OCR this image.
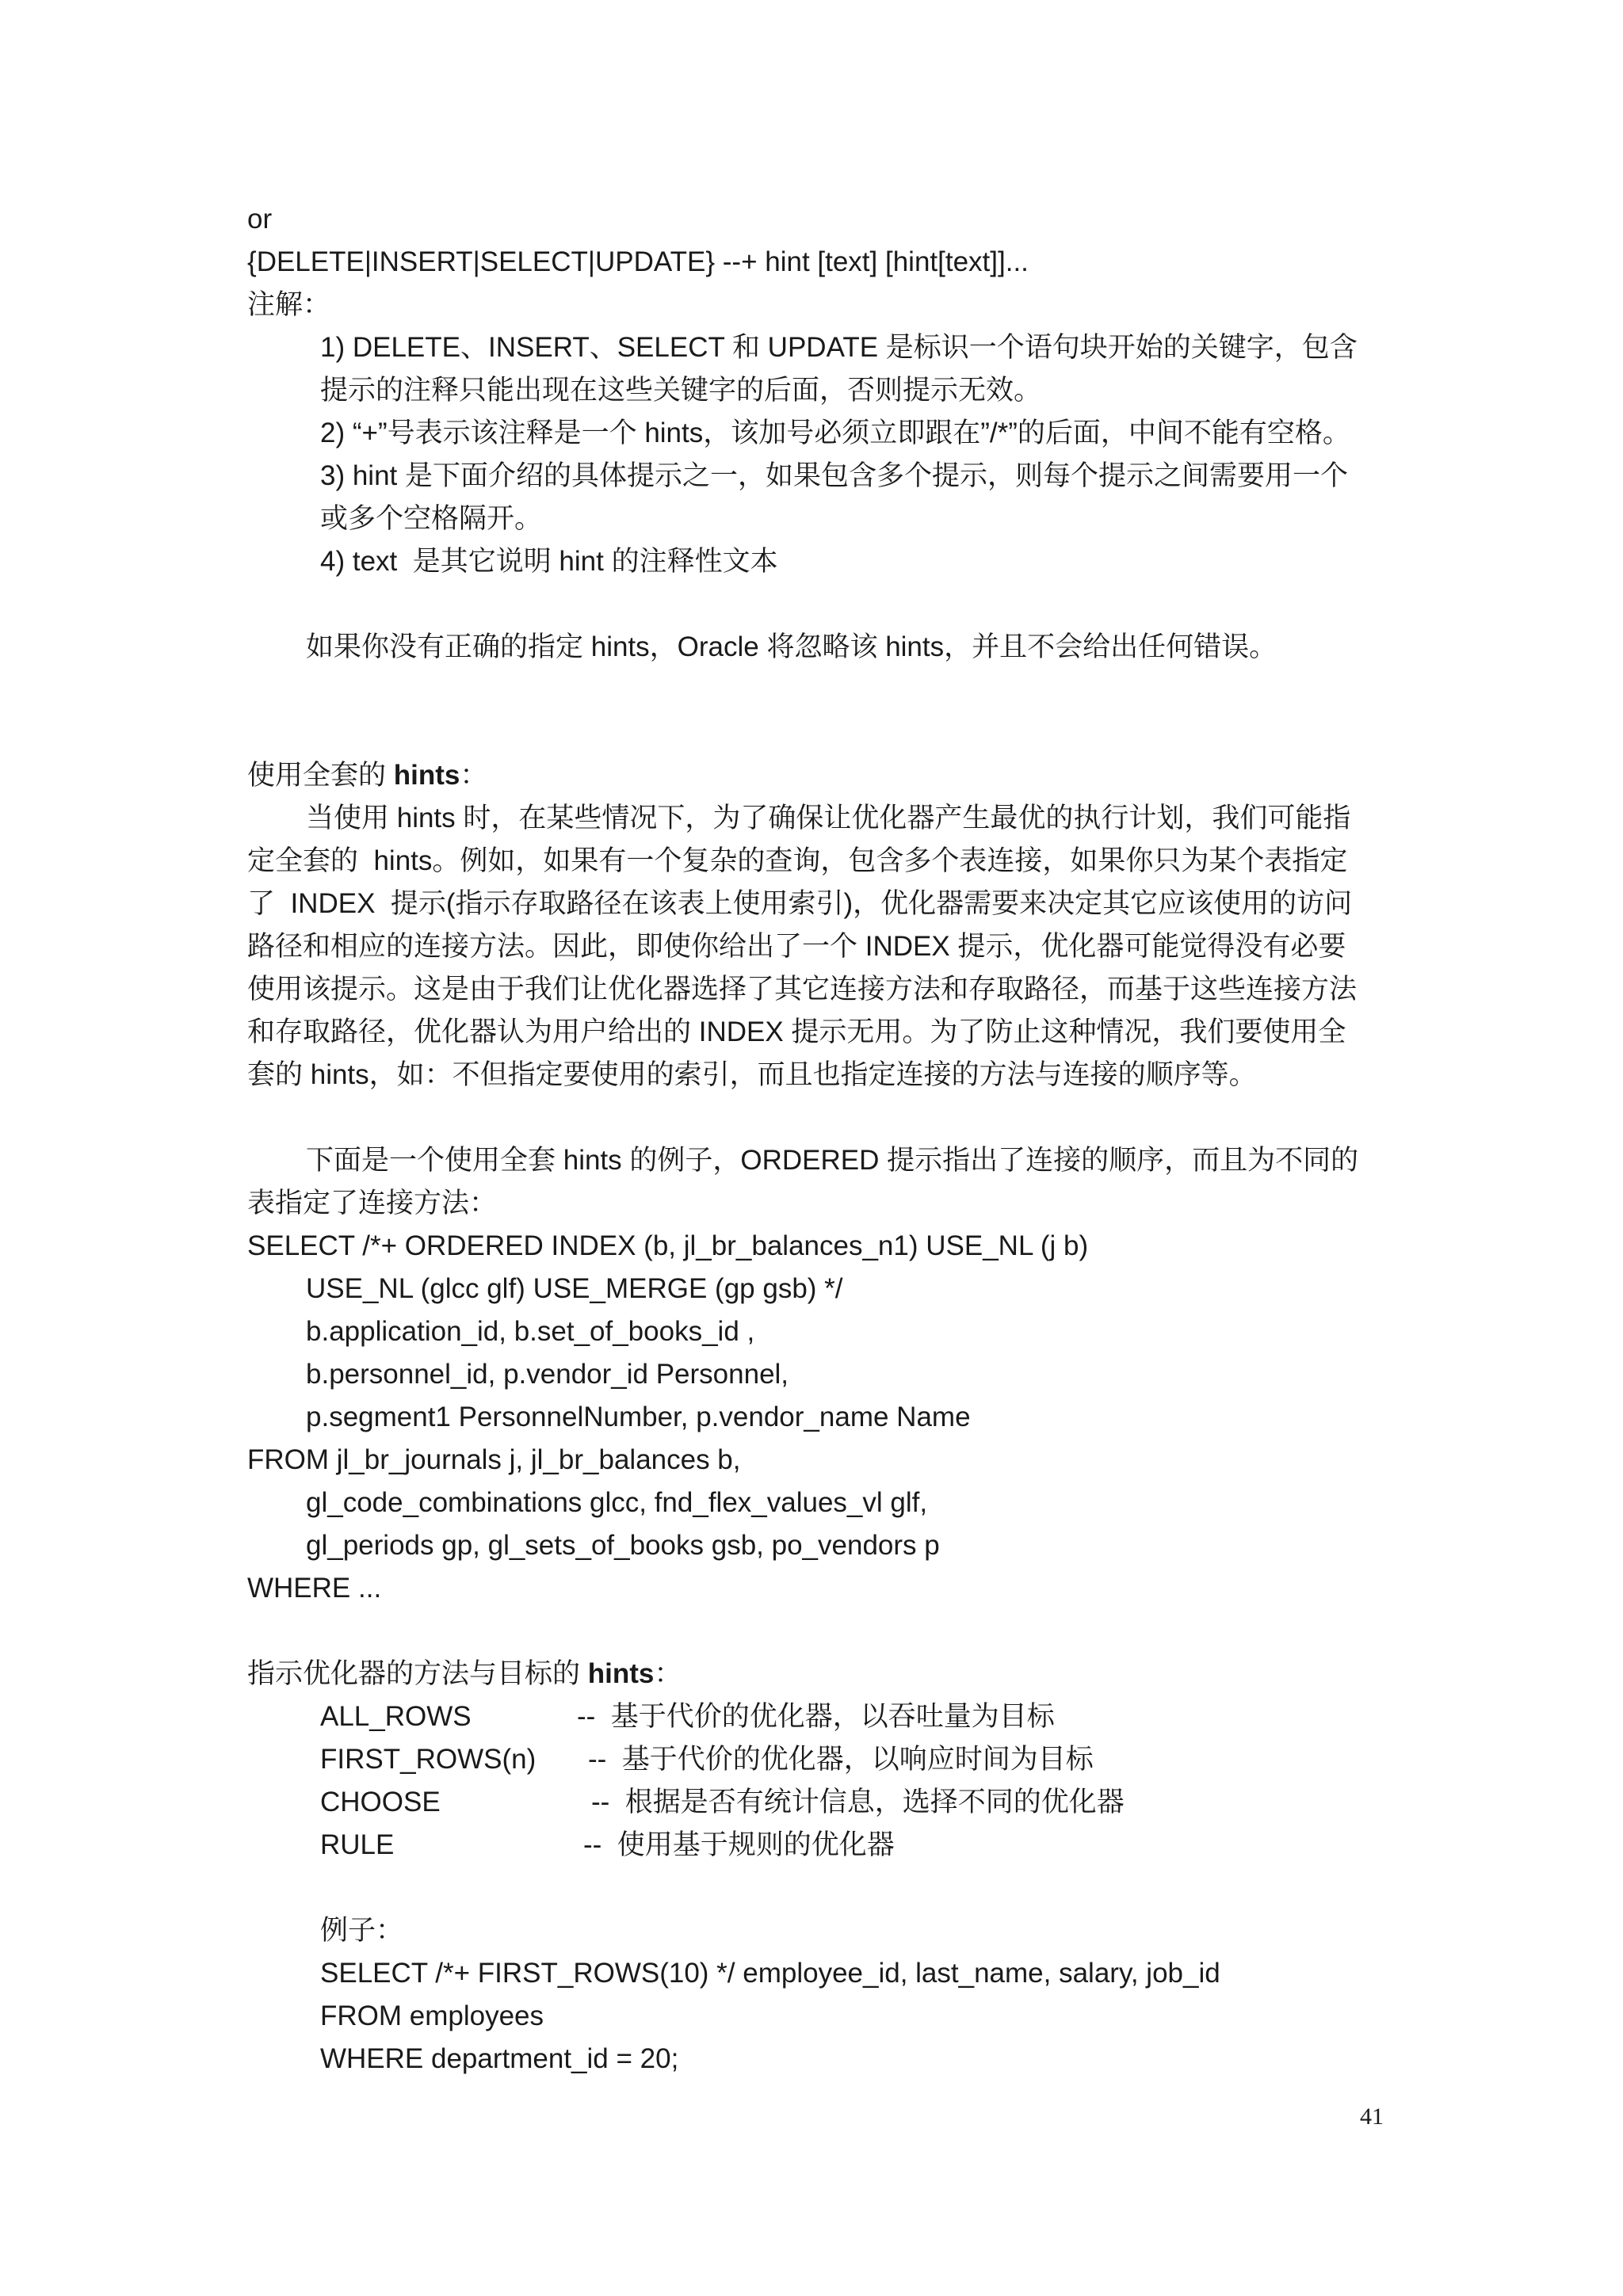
or
{DELETE|INSERT|SELECT|UPDATE} --+ hint [text] [hint[text]]...
注解：
1) DELETE、INSERT、SELECT 和 UPDATE 是标识一个语句块开始的关键字，包含
提示的注释只能出现在这些关键字的后面，否则提示无效。
2) “+”号表示该注释是一个 hints，该加号必须立即跟在”/*”的后面，中间不能有空格。
3) hint 是下面介绍的具体提示之一，如果包含多个提示，则每个提示之间需要用一个
或多个空格隔开。
4) text  是其它说明 hint 的注释性文本
如果你没有正确的指定 hints，Oracle 将忽略该 hints，并且不会给出任何错误。
使用全套的 hints：
当使用 hints 时，在某些情况下，为了确保让优化器产生最优的执行计划，我们可能指
定全套的  hints。例如，如果有一个复杂的查询，包含多个表连接，如果你只为某个表指定
了  INDEX  提示(指示存取路径在该表上使用索引)，优化器需要来决定其它应该使用的访问
路径和相应的连接方法。因此，即使你给出了一个 INDEX 提示，优化器可能觉得没有必要
使用该提示。这是由于我们让优化器选择了其它连接方法和存取路径，而基于这些连接方法
和存取路径，优化器认为用户给出的 INDEX 提示无用。为了防止这种情况，我们要使用全
套的 hints，如：不但指定要使用的索引，而且也指定连接的方法与连接的顺序等。
下面是一个使用全套 hints 的例子，ORDERED 提示指出了连接的顺序，而且为不同的
表指定了连接方法：
SELECT /*+ ORDERED INDEX (b, jl_br_balances_n1) USE_NL (j b)
USE_NL (glcc glf) USE_MERGE (gp gsb) */
b.application_id, b.set_of_books_id ,
b.personnel_id, p.vendor_id Personnel,
p.segment1 PersonnelNumber, p.vendor_name Name
FROM jl_br_journals j, jl_br_balances b,
gl_code_combinations glcc, fnd_flex_values_vl glf,
gl_periods gp, gl_sets_of_books gsb, po_vendors p
WHERE ...
指示优化器的方法与目标的 hints：
ALL_ROWS	--  基于代价的优化器，以吞吐量为目标
FIRST_ROWS(n) --  基于代价的优化器，以响应时间为目标
CHOOSE	--  根据是否有统计信息，选择不同的优化器
RULE	--  使用基于规则的优化器
例子：
SELECT /*+ FIRST_ROWS(10) */ employee_id, last_name, salary, job_id
FROM employees
WHERE department_id = 20;
41
